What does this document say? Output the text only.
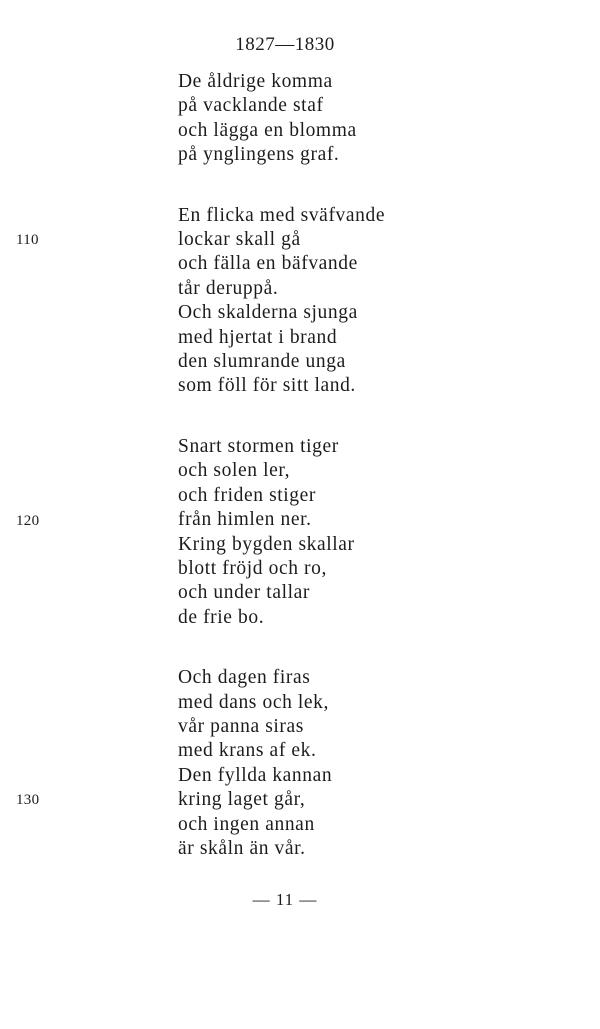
1827—1830
De åldrige komma
på vacklande staf
och lägga en blomma
på ynglingens graf.
110
En flicka med sväfvande
lockar skall gå
och fälla en bäfvande
tår deruppå.
Och skalderna sjunga
med hjertat i brand
den slumrande unga
som föll för sitt land.
120
Snart stormen tiger
och solen ler,
och friden stiger
från himlen ner.
Kring bygden skallar
blott fröjd och ro,
och under tallar
de frie bo.
130
Och dagen firas
med dans och lek,
vår panna siras
med krans af ek.
Den fyllda kannan
kring laget går,
och ingen annan
är skåln än vår.
— 11 —
